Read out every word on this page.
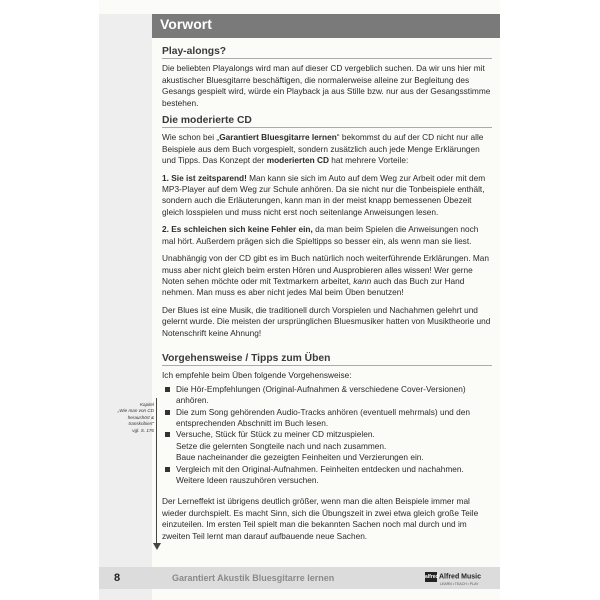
Vorwort
Play-alongs?

Die beliebten Playalongs wird man auf dieser CD vergeblich suchen. Da wir uns hier mit akustischer Bluesgitarre beschäftigen, die normalerweise alleine zur Begleitung des Gesangs gespielt wird, würde ein Playback ja aus Stille bzw. nur aus der Gesangsstimme bestehen.

Die moderierte CD

Wie schon bei „Garantiert Bluesgitarre lernen“ bekommst du auf der CD nicht nur alle Beispiele aus dem Buch vorgespielt, sondern zusätzlich auch jede Menge Erklärungen und Tipps. Das Konzept der moderierten CD hat mehrere Vorteile:

1. Sie ist zeitsparend! Man kann sie sich im Auto auf dem Weg zur Arbeit oder mit dem MP3-Player auf dem Weg zur Schule anhören. Da sie nicht nur die Tonbeispiele enthält, sondern auch die Erläuterungen, kann man in der meist knapp bemessenen Übezeit gleich losspielen und muss nicht erst noch seitenlange Anweisungen lesen.

2. Es schleichen sich keine Fehler ein, da man beim Spielen die Anweisungen noch mal hört. Außerdem prägen sich die Spieltipps so besser ein, als wenn man sie liest.

Unabhängig von der CD gibt es im Buch natürlich noch weiterführende Erklärungen. Man muss aber nicht gleich beim ersten Hören und Ausprobieren alles wissen! Wer gerne Noten sehen möchte oder mit Textmarkern arbeitet, kann auch das Buch zur Hand nehmen. Man muss es aber nicht jedes Mal beim Üben benutzen!

Der Blues ist eine Musik, die traditionell durch Vorspielen und Nachahmen gelehrt und gelernt wurde. Die meisten der ursprünglichen Bluesmusiker hatten von Musiktheorie und Notenschrift keine Ahnung!

Vorgehensweise / Tipps zum Üben

Ich empfehle beim Üben folgende Vorgehensweise:

Die Hör-Empfehlungen (Original-Aufnahmen & verschiedene Cover-Versionen) anhören.
Die zum Song gehörenden Audio-Tracks anhören (eventuell mehrmals) und den entsprechenden Abschnitt im Buch lesen.
Versuche, Stück für Stück zu meiner CD mitzuspielen.
Setze die gelernten Songteile nach und nach zusammen.
Baue nacheinander die gezeigten Feinheiten und Verzierungen ein.
Vergleich mit den Original-Aufnahmen. Feinheiten entdecken und nachahmen.
Weitere Ideen rauszuhören versuchen.

Der Lerneffekt ist übrigens deutlich größer, wenn man die alten Beispiele immer mal wieder durchspielt. Es macht Sinn, sich die Übungszeit in zwei etwa gleich große Teile einzuteilen. Im ersten Teil spielt man die bekannten Sachen noch mal durch und im zweiten Teil lernt man darauf aufbauende neue Sachen.

Kapitel
„Wie man von CD
heraushört &
transkribiert“
vgl. S. 176
8	Garantiert Akustik Bluesgitarre lernen	alfredAlfred Music
LEARN • TEACH • PLAY
